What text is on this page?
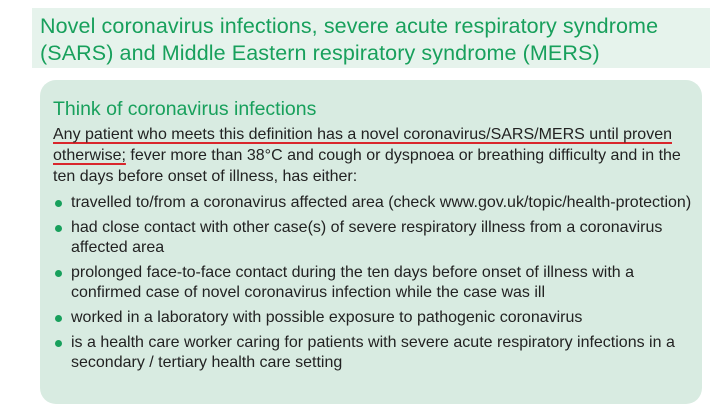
Novel coronavirus infections, severe acute respiratory syndrome
(SARS) and Middle Eastern respiratory syndrome (MERS)
Think of coronavirus infections

Any patient who meets this definition has a novel coronavirus/SARS/MERS until proven otherwise; fever more than 38°C and cough or dyspnoea or breathing difficulty and in the ten days before onset of illness, has either:

travelled to/from a coronavirus affected area (check www.gov.uk/topic/health-protection)
had close contact with other case(s) of severe respiratory illness from a coronavirus affected area
prolonged face-to-face contact during the ten days before onset of illness with a confirmed case of novel coronavirus infection while the case was ill
worked in a laboratory with possible exposure to pathogenic coronavirus
is a health care worker caring for patients with severe acute respiratory infections in a secondary / tertiary health care setting
